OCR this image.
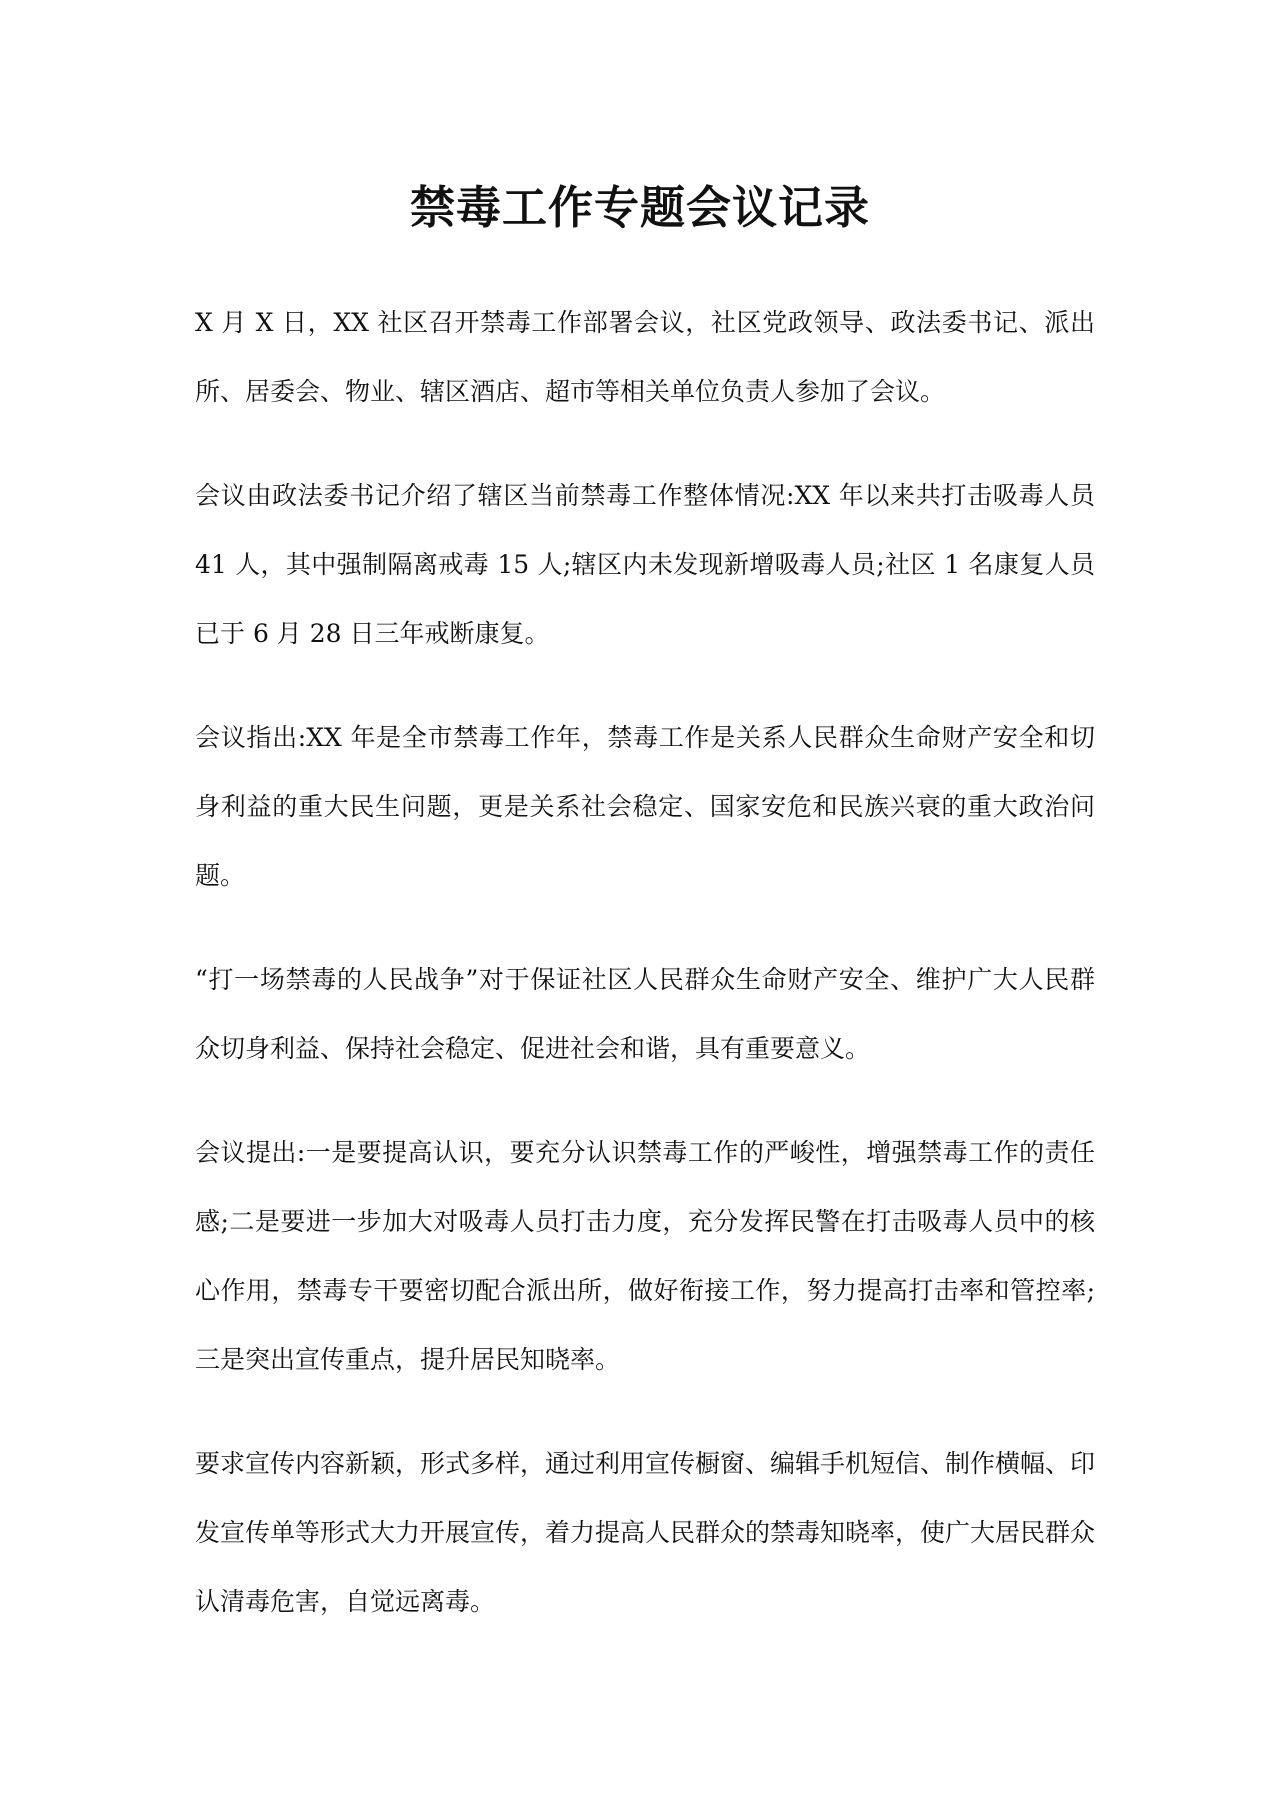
禁毒工作专题会议记录

X 月 X 日，XX 社区召开禁毒工作部署会议，社区党政领导、政法委书记、派出所、居委会、物业、辖区酒店、超市等相关单位负责人参加了会议。

会议由政法委书记介绍了辖区当前禁毒工作整体情况:XX 年以来共打击吸毒人员 41 人，其中强制隔离戒毒 15 人;辖区内未发现新增吸毒人员;社区 1 名康复人员已于 6 月 28 日三年戒断康复。

会议指出:XX 年是全市禁毒工作年，禁毒工作是关系人民群众生命财产安全和切身利益的重大民生问题，更是关系社会稳定、国家安危和民族兴衰的重大政治问题。

“打一场禁毒的人民战争”对于保证社区人民群众生命财产安全、维护广大人民群众切身利益、保持社会稳定、促进社会和谐，具有重要意义。

会议提出:一是要提高认识，要充分认识禁毒工作的严峻性，增强禁毒工作的责任感;二是要进一步加大对吸毒人员打击力度，充分发挥民警在打击吸毒人员中的核心作用，禁毒专干要密切配合派出所，做好衔接工作，努力提高打击率和管控率;三是突出宣传重点，提升居民知晓率。

要求宣传内容新颖，形式多样，通过利用宣传橱窗、编辑手机短信、制作横幅、印发宣传单等形式大力开展宣传，着力提高人民群众的禁毒知晓率，使广大居民群众认清毒危害，自觉远离毒。
